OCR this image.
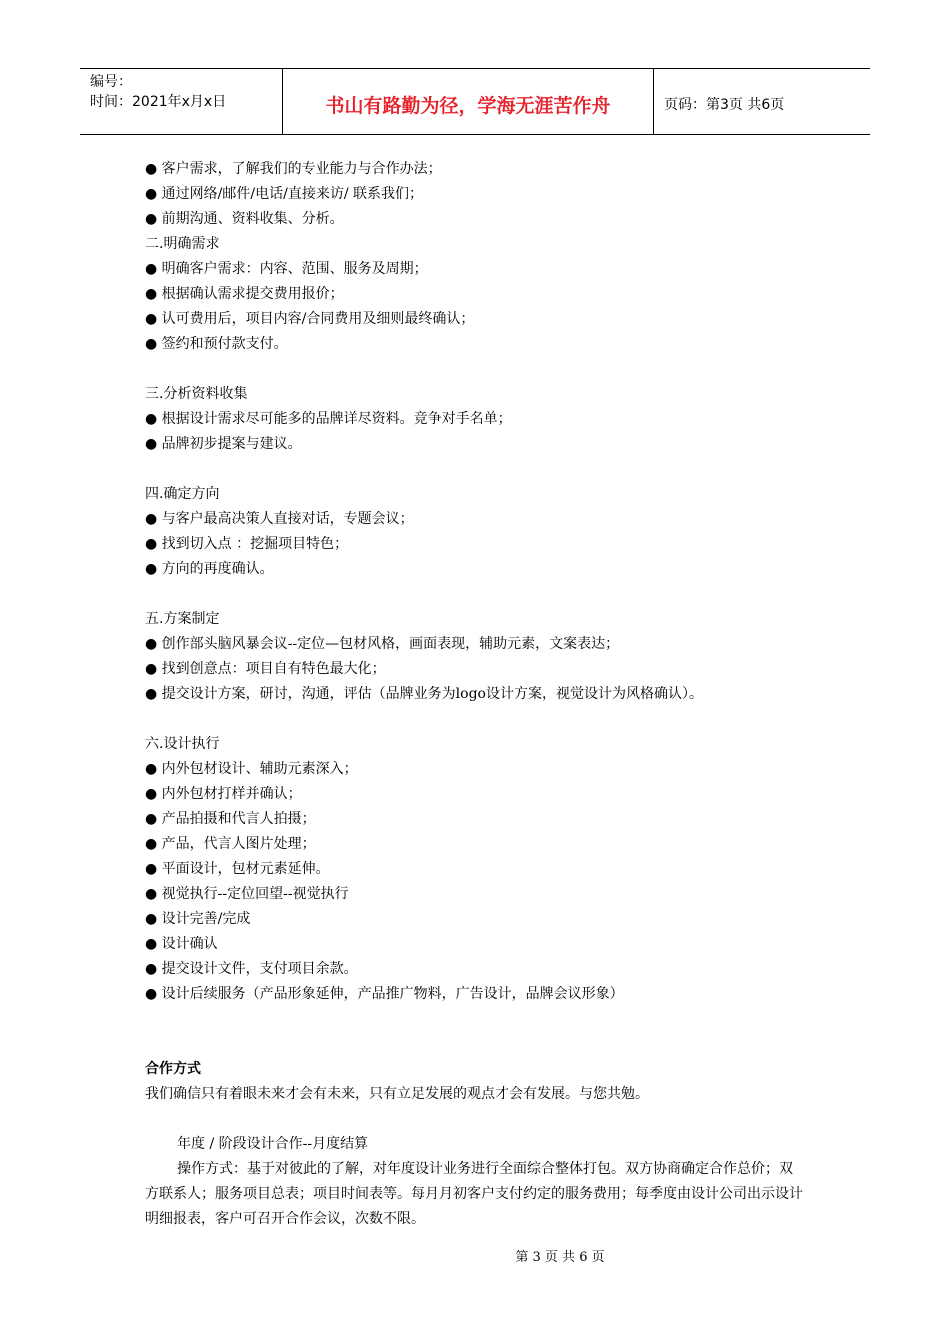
编号：
时间：2021年x月x日	书山有路勤为径，学海无涯苦作舟	页码：第3页 共6页
● 客户需求，了解我们的专业能力与合作办法；
● 通过网络/邮件/电话/直接来访/ 联系我们；
● 前期沟通、资料收集、分析。
二.明确需求
● 明确客户需求：内容、范围、服务及周期；
● 根据确认需求提交费用报价；
● 认可费用后，项目内容/合同费用及细则最终确认；
● 签约和预付款支付。
三.分析资料收集
● 根据设计需求尽可能多的品牌详尽资料。竞争对手名单；
● 品牌初步提案与建议。
四.确定方向
● 与客户最高决策人直接对话，专题会议；
● 找到切入点 ：挖掘项目特色；
● 方向的再度确认。
五.方案制定
● 创作部头脑风暴会议--定位—包材风格，画面表现，辅助元素，文案表达；
● 找到创意点：项目自有特色最大化；
● 提交设计方案，研讨，沟通，评估（品牌业务为logo设计方案，视觉设计为风格确认）。
六.设计执行
● 内外包材设计、辅助元素深入；
● 内外包材打样并确认；
● 产品拍摄和代言人拍摄；
● 产品，代言人图片处理；
● 平面设计，包材元素延伸。
● 视觉执行--定位回望--视觉执行
● 设计完善/完成
● 设计确认
● 提交设计文件，支付项目余款。
● 设计后续服务（产品形象延伸，产品推广物料，广告设计，品牌会议形象）
合作方式
我们确信只有着眼未来才会有未来，只有立足发展的观点才会有发展。与您共勉。
年度 / 阶段设计合作--月度结算
操作方式：基于对彼此的了解，对年度设计业务进行全面综合整体打包。双方协商确定合作总价；双方联系人；服务项目总表；项目时间表等。每月月初客户支付约定的服务费用；每季度由设计公司出示设计明细报表，客户可召开合作会议，次数不限。
第 3 页 共 6 页
